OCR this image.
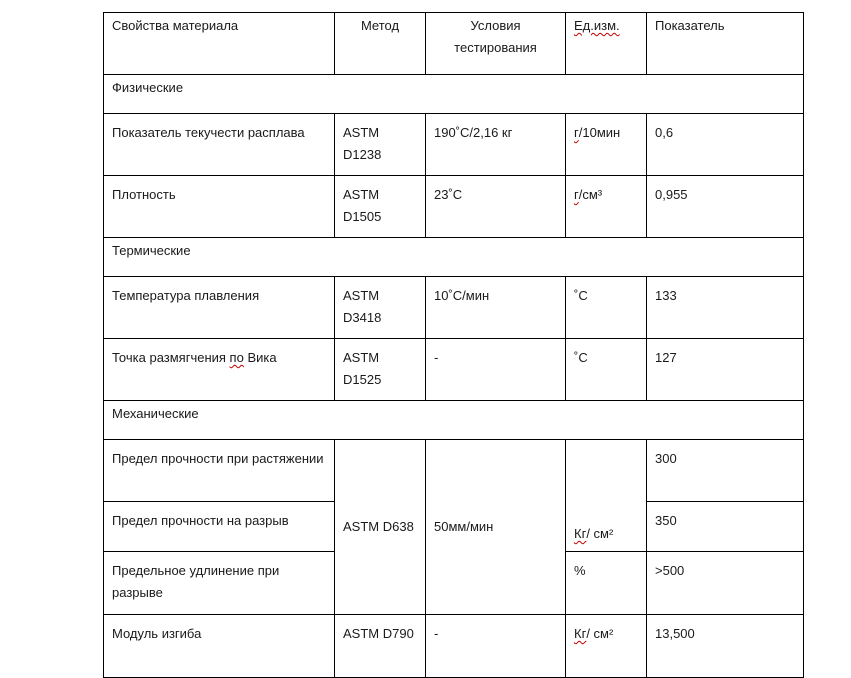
Свойства материала	Метод	Условия тестирования	Ед.изм.	Показатель
Физические				
Показатель текучести расплава	ASTM D1238	190˚С/2,16 кг	г/10мин	0,6
Плотность	ASTM D1505	23˚С	г/см³	0,955
Термические				
Температура плавления	ASTM D3418	10˚С/мин	˚С	133
Точка размягчения по Вика	ASTM D1525	-	˚С	127
Механические				
Предел прочности при растяжении	ASTM D638	50мм/мин	Кг/ см²	300
Предел прочности на разрыв				350
Предельное удлинение при разрыве			%	>500
Модуль изгиба	ASTM D790	-	Кг/ см²	13,500
